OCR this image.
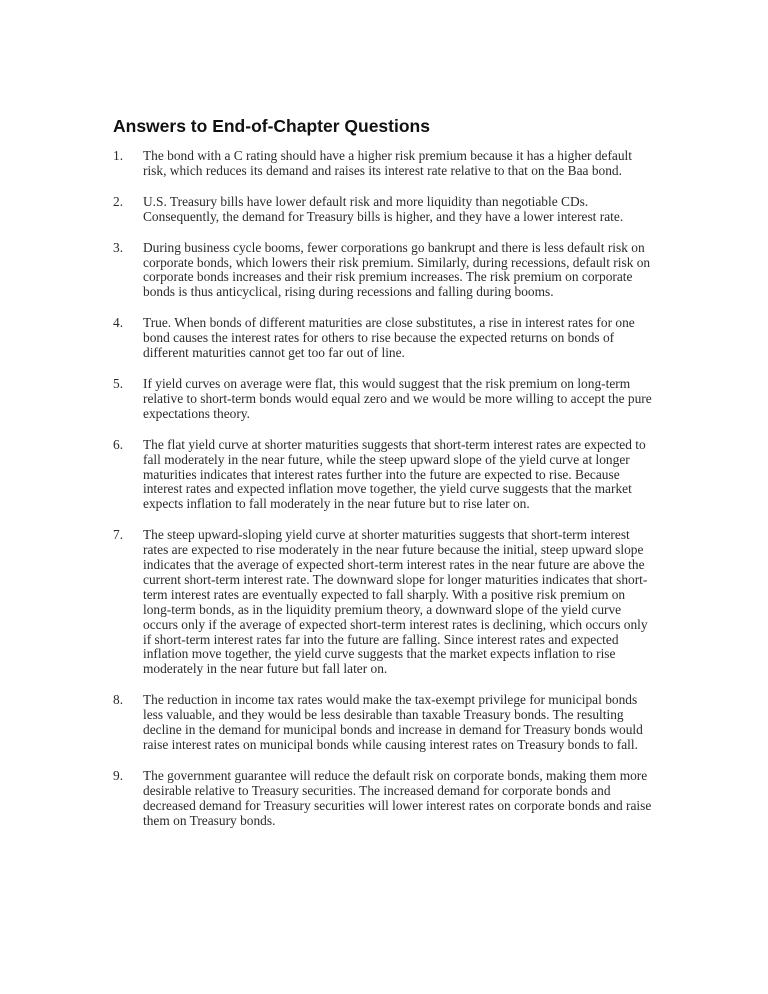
Answers to End-of-Chapter Questions
1.	The bond with a C rating should have a higher risk premium because it has a higher default risk, which reduces its demand and raises its interest rate relative to that on the Baa bond.
2.	U.S. Treasury bills have lower default risk and more liquidity than negotiable CDs. Consequently, the demand for Treasury bills is higher, and they have a lower interest rate.
3.	During business cycle booms, fewer corporations go bankrupt and there is less default risk on corporate bonds, which lowers their risk premium. Similarly, during recessions, default risk on corporate bonds increases and their risk premium increases. The risk premium on corporate bonds is thus anticyclical, rising during recessions and falling during booms.
4.	True. When bonds of different maturities are close substitutes, a rise in interest rates for one bond causes the interest rates for others to rise because the expected returns on bonds of different maturities cannot get too far out of line.
5.	If yield curves on average were flat, this would suggest that the risk premium on long-term relative to short-term bonds would equal zero and we would be more willing to accept the pure expectations theory.
6.	The flat yield curve at shorter maturities suggests that short-term interest rates are expected to fall moderately in the near future, while the steep upward slope of the yield curve at longer maturities indicates that interest rates further into the future are expected to rise. Because interest rates and expected inflation move together, the yield curve suggests that the market expects inflation to fall moderately in the near future but to rise later on.
7.	The steep upward-sloping yield curve at shorter maturities suggests that short-term interest rates are expected to rise moderately in the near future because the initial, steep upward slope indicates that the average of expected short-term interest rates in the near future are above the current short-term interest rate. The downward slope for longer maturities indicates that short-term interest rates are eventually expected to fall sharply. With a positive risk premium on long-term bonds, as in the liquidity premium theory, a downward slope of the yield curve occurs only if the average of expected short-term interest rates is declining, which occurs only if short-term interest rates far into the future are falling. Since interest rates and expected inflation move together, the yield curve suggests that the market expects inflation to rise moderately in the near future but fall later on.
8.	The reduction in income tax rates would make the tax-exempt privilege for municipal bonds less valuable, and they would be less desirable than taxable Treasury bonds. The resulting decline in the demand for municipal bonds and increase in demand for Treasury bonds would raise interest rates on municipal bonds while causing interest rates on Treasury bonds to fall.
9.	The government guarantee will reduce the default risk on corporate bonds, making them more desirable relative to Treasury securities. The increased demand for corporate bonds and decreased demand for Treasury securities will lower interest rates on corporate bonds and raise them on Treasury bonds.
